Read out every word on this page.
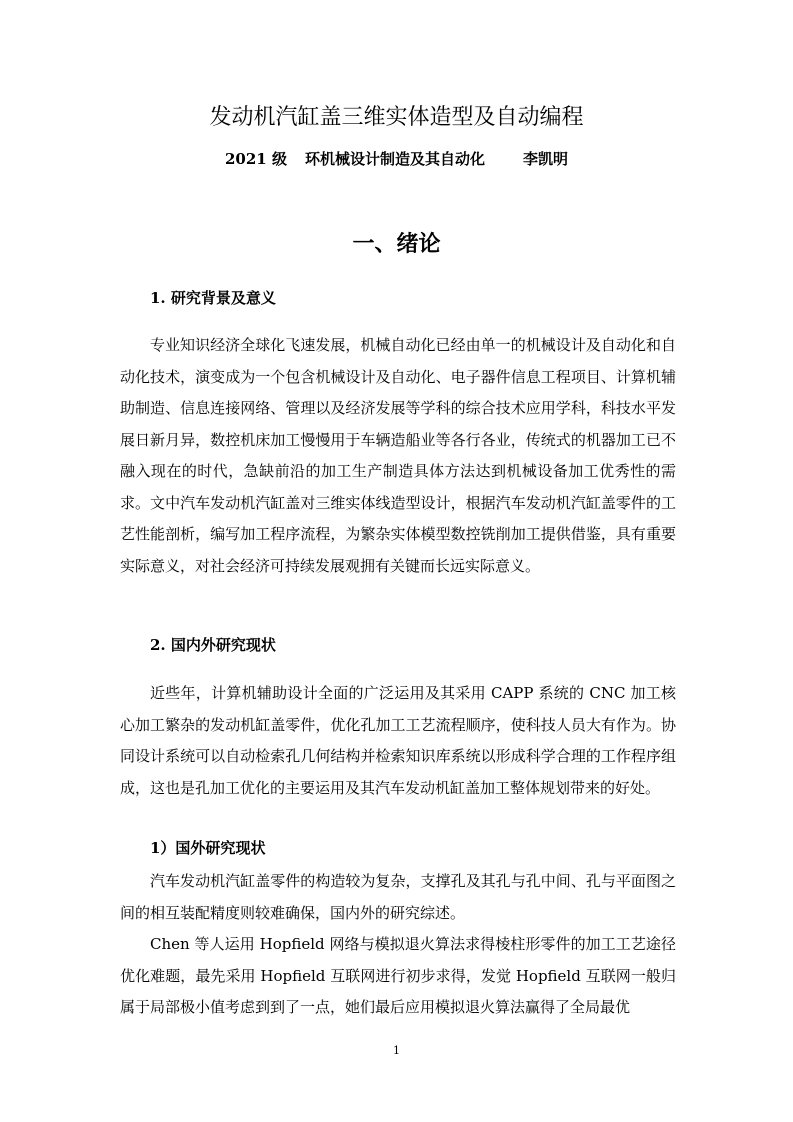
发动机汽缸盖三维实体造型及自动编程
2021 级 环机械设计制造及其自动化	李凯明
一、绪论
1. 研究背景及意义

专业知识经济全球化飞速发展，机械自动化已经由单一的机械设计及自动化和自动化技术，演变成为一个包含机械设计及自动化、电子器件信息工程项目、计算机辅助制造、信息连接网络、管理以及经济发展等学科的综合技术应用学科，科技水平发展日新月异，数控机床加工慢慢用于车辆造船业等各行各业，传统式的机器加工已不融入现在的时代，急缺前沿的加工生产制造具体方法达到机械设备加工优秀性的需求。文中汽车发动机汽缸盖对三维实体线造型设计，根据汽车发动机汽缸盖零件的工艺性能剖析，编写加工程序流程，为繁杂实体模型数控铣削加工提供借鉴，具有重要实际意义，对社会经济可持续发展观拥有关键而长远实际意义。

2. 国内外研究现状

近些年，计算机辅助设计全面的广泛运用及其采用 CAPP 系统的 CNC 加工核心加工繁杂的发动机缸盖零件，优化孔加工工艺流程顺序，使科技人员大有作为。协同设计系统可以自动检索孔几何结构并检索知识库系统以形成科学合理的工作程序组成，这也是孔加工优化的主要运用及其汽车发动机缸盖加工整体规划带来的好处。

1）国外研究现状

汽车发动机汽缸盖零件的构造较为复杂，支撑孔及其孔与孔中间、孔与平面图之间的相互装配精度则较难确保，国内外的研究综述。

Chen 等人运用 Hopfield 网络与模拟退火算法求得棱柱形零件的加工工艺途径优化难题，最先采用 Hopfield 互联网进行初步求得，发觉 Hopfield 互联网一般归属于局部极小值考虑到到了一点，她们最后应用模拟退火算法赢得了全局最优

1
